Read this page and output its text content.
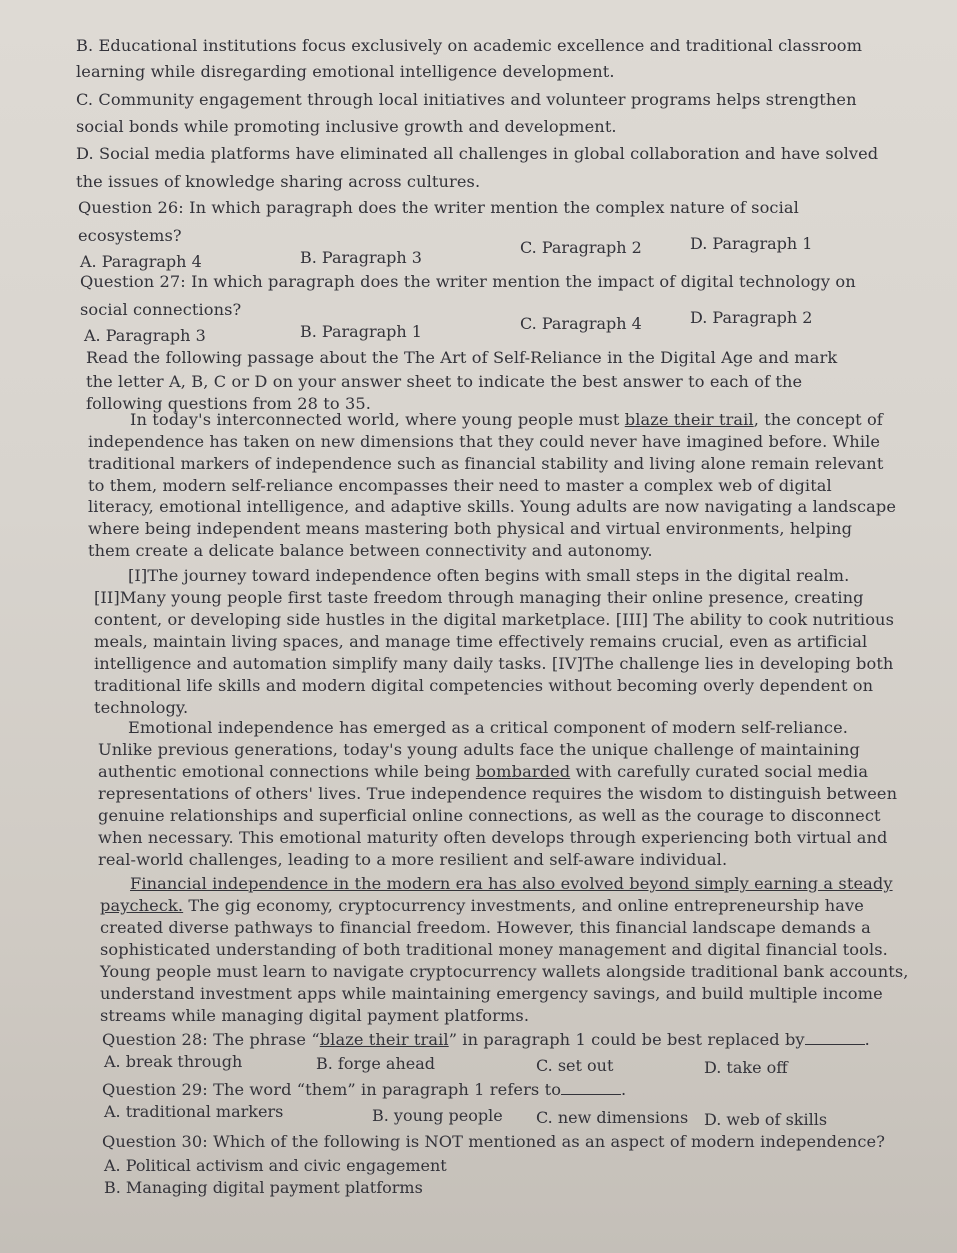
B. Educational institutions focus exclusively on academic excellence and traditional classroom
learning while disregarding emotional intelligence development.
C. Community engagement through local initiatives and volunteer programs helps strengthen
social bonds while promoting inclusive growth and development.
D. Social media platforms have eliminated all challenges in global collaboration and have solved
the issues of knowledge sharing across cultures.
Question 26: In which paragraph does the writer mention the complex nature of social
ecosystems?
A. Paragraph 4	B. Paragraph 3
C. Paragraph 2	D. Paragraph 1
Question 27: In which paragraph does the writer mention the impact of digital technology on
social connections?
A. Paragraph 3	B. Paragraph 1	C. Paragraph 4	D. Paragraph 2
Read the following passage about the The Art of Self-Reliance in the Digital Age and mark
the letter A, B, C or D on your answer sheet to indicate the best answer to each of the
following questions from 28 to 35.
In today's interconnected world, where young people must blaze their trail, the concept of
independence has taken on new dimensions that they could never have imagined before. While
traditional markers of independence such as financial stability and living alone remain relevant
to them, modern self-reliance encompasses their need to master a complex web of digital
literacy, emotional intelligence, and adaptive skills. Young adults are now navigating a landscape
where being independent means mastering both physical and virtual environments, helping
them create a delicate balance between connectivity and autonomy.
[I]The journey toward independence often begins with small steps in the digital realm.
[II]Many young people first taste freedom through managing their online presence, creating
content, or developing side hustles in the digital marketplace. [III] The ability to cook nutritious
meals, maintain living spaces, and manage time effectively remains crucial, even as artificial
intelligence and automation simplify many daily tasks. [IV]The challenge lies in developing both
traditional life skills and modern digital competencies without becoming overly dependent on
technology.
Emotional independence has emerged as a critical component of modern self-reliance.
Unlike previous generations, today's young adults face the unique challenge of maintaining
authentic emotional connections while being bombarded with carefully curated social media
representations of others' lives. True independence requires the wisdom to distinguish between
genuine relationships and superficial online connections, as well as the courage to disconnect
when necessary. This emotional maturity often develops through experiencing both virtual and
real-world challenges, leading to a more resilient and self-aware individual.
Financial independence in the modern era has also evolved beyond simply earning a steady
paycheck. The gig economy, cryptocurrency investments, and online entrepreneurship have
created diverse pathways to financial freedom. However, this financial landscape demands a
sophisticated understanding of both traditional money management and digital financial tools.
Young people must learn to navigate cryptocurrency wallets alongside traditional bank accounts,
understand investment apps while maintaining emergency savings, and build multiple income
streams while managing digital payment platforms.
Question 28: The phrase “blaze their trail” in paragraph 1 could be best replaced by	.
A. break through	B. forge ahead	C. set out	D. take off
Question 29: The word “them” in paragraph 1 refers to	.
A. traditional markers	B. young people C. new dimensions D. web of skills
Question 30: Which of the following is NOT mentioned as an aspect of modern independence?
A. Political activism and civic engagement
B. Managing digital payment platforms
